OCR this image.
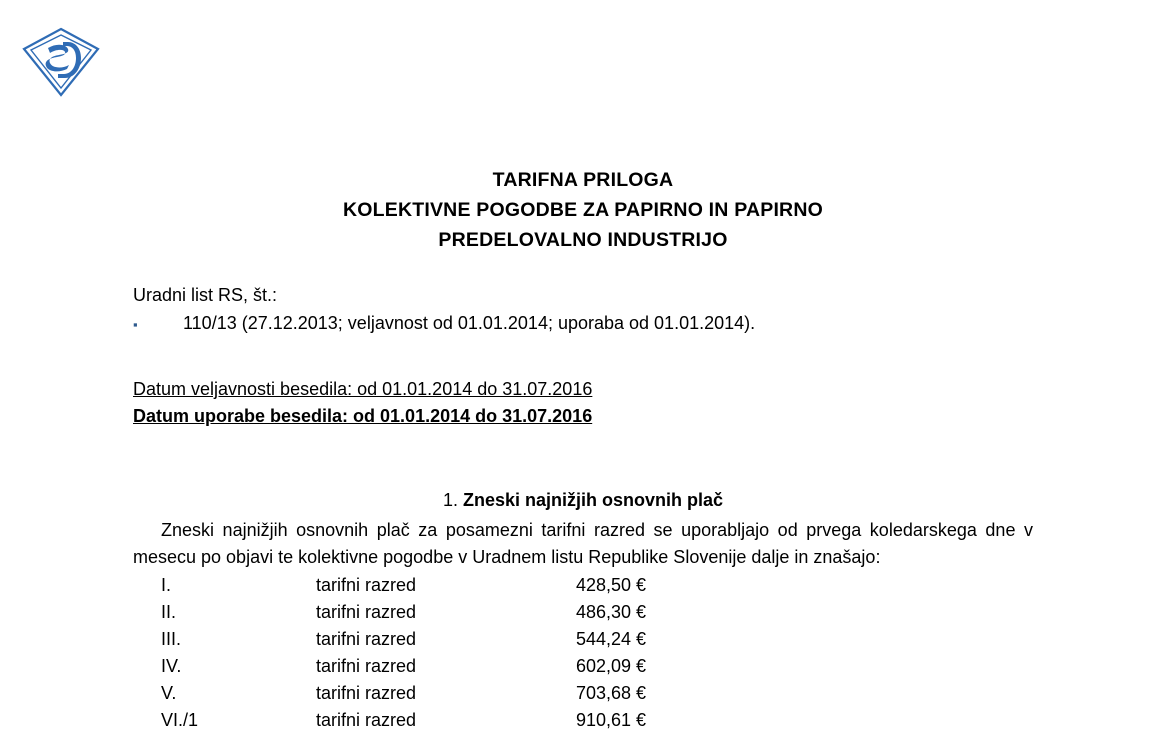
TARIFNA PRILOGA
KOLEKTIVNE POGODBE ZA PAPIRNO IN PAPIRNO
PREDELOVALNO INDUSTRIJO
Uradni list RS, št.:
▪	110/13 (27.12.2013; veljavnost od 01.01.2014; uporaba od 01.01.2014).
Datum veljavnosti besedila: od 01.01.2014 do 31.07.2016
Datum uporabe besedila: od 01.01.2014 do 31.07.2016
1. Zneski najnižjih osnovnih plač
Zneski najnižjih osnovnih plač za posamezni tarifni razred se uporabljajo od prvega koledarskega dne v mesecu po objavi te kolektivne pogodbe v Uradnem listu Republike Slovenije dalje in znašajo:
I.	tarifni razred	428,50 €
II.	tarifni razred	486,30 €
III.	tarifni razred	544,24 €
IV.	tarifni razred	602,09 €
V.	tarifni razred	703,68 €
VI./1	tarifni razred	910,61 €
